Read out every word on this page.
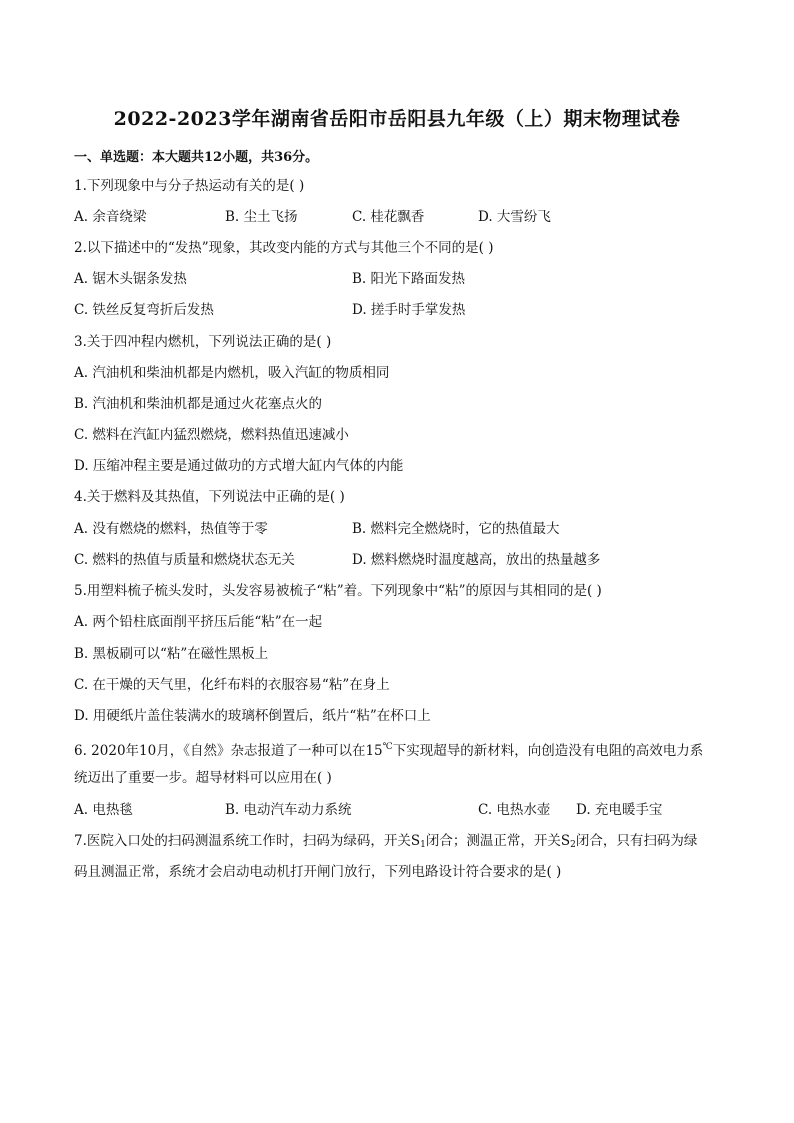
2022-2023学年湖南省岳阳市岳阳县九年级（上）期末物理试卷
一、单选题：本大题共12小题，共36分。
1.下列现象中与分子热运动有关的是( )
A. 余音绕梁	B. 尘土飞扬	C. 桂花飘香	D. 大雪纷飞
2.以下描述中的“发热”现象，其改变内能的方式与其他三个不同的是( )
A. 锯木头锯条发热	B. 阳光下路面发热
C. 铁丝反复弯折后发热	D. 搓手时手掌发热
3.关于四冲程内燃机，下列说法正确的是( )
A. 汽油机和柴油机都是内燃机，吸入汽缸的物质相同
B. 汽油机和柴油机都是通过火花塞点火的
C. 燃料在汽缸内猛烈燃烧，燃料热值迅速减小
D. 压缩冲程主要是通过做功的方式增大缸内气体的内能
4.关于燃料及其热值，下列说法中正确的是( )
A. 没有燃烧的燃料，热值等于零	B. 燃料完全燃烧时，它的热值最大
C. 燃料的热值与质量和燃烧状态无关	D. 燃料燃烧时温度越高，放出的热量越多
5.用塑料梳子梳头发时，头发容易被梳子“粘”着。下列现象中“粘”的原因与其相同的是( )
A. 两个铅柱底面削平挤压后能“粘”在一起
B. 黑板刷可以“粘”在磁性黑板上
C. 在干燥的天气里，化纤布料的衣服容易“粘”在身上
D. 用硬纸片盖住装满水的玻璃杯倒置后，纸片“粘”在杯口上
6. 2020年10月，《自然》杂志报道了一种可以在15℃下实现超导的新材料，向创造没有电阻的高效电力系
统迈出了重要一步。超导材料可以应用在( )
A. 电热毯	B. 电动汽车动力系统	C. 电热水壶 D. 充电暖手宝
7.医院入口处的扫码测温系统工作时，扫码为绿码，开关$S_1$闭合；测温正常，开关$S_2$闭合，只有扫码为绿
码且测温正常，系统才会启动电动机打开闸门放行，下列电路设计符合要求的是( )
